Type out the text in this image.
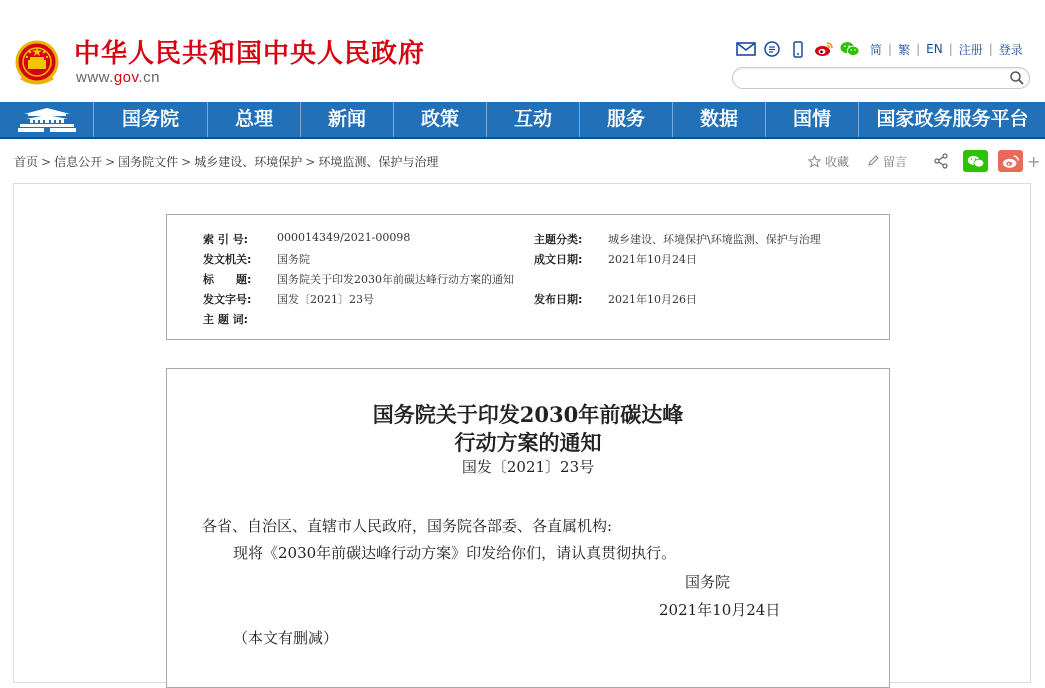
中华人民共和国中央人民政府
www.gov.cn
简 | 繁 | EN | 注册 | 登录
国务院	总理	新闻	政策	互动	服务	数据	国情	国家政务服务平台
首页 > 信息公开 > 国务院文件 > 城乡建设、环境保护 > 环境监测、保护与治理	收藏	留言	+
索 引 号:	000014349/2021-00098	主题分类: 城乡建设、环境保护\环境监测、保护与治理
发文机关: 国务院	成文日期: 2021年10月24日
标　　题: 国务院关于印发2030年前碳达峰行动方案的通知
发文字号: 国发〔2021〕23号	发布日期: 2021年10月26日
主 题 词:
国务院关于印发2030年前碳达峰
行动方案的通知
国发〔2021〕23号
各省、自治区、直辖市人民政府，国务院各部委、各直属机构:
现将《2030年前碳达峰行动方案》印发给你们，请认真贯彻执行。
国务院
2021年10月24日
（本文有删减）
